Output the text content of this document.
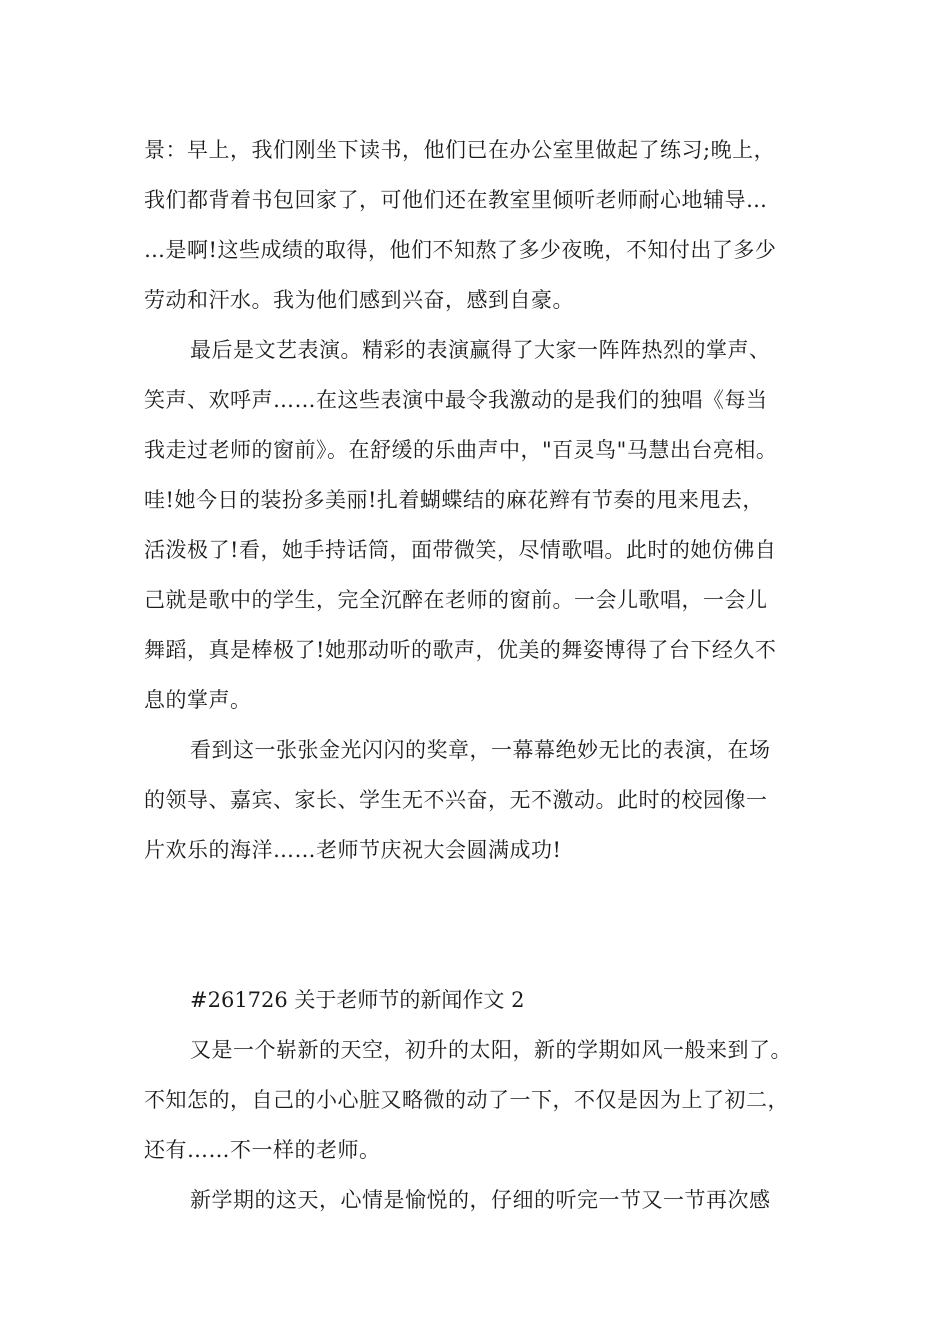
景：早上，我们刚坐下读书，他们已在办公室里做起了练习;晚上，
我们都背着书包回家了，可他们还在教室里倾听老师耐心地辅导…
…是啊!这些成绩的取得，他们不知熬了多少夜晚，不知付出了多少
劳动和汗水。我为他们感到兴奋，感到自豪。
最后是文艺表演。精彩的表演赢得了大家一阵阵热烈的掌声、
笑声、欢呼声……在这些表演中最令我激动的是我们的独唱《每当
我走过老师的窗前》。在舒缓的乐曲声中，"百灵鸟"马慧出台亮相。
哇!她今日的装扮多美丽!扎着蝴蝶结的麻花辫有节奏的甩来甩去，
活泼极了!看，她手持话筒，面带微笑，尽情歌唱。此时的她仿佛自
己就是歌中的学生，完全沉醉在老师的窗前。一会儿歌唱，一会儿
舞蹈，真是棒极了!她那动听的歌声，优美的舞姿博得了台下经久不
息的掌声。
看到这一张张金光闪闪的奖章，一幕幕绝妙无比的表演，在场
的领导、嘉宾、家长、学生无不兴奋，无不激动。此时的校园像一
片欢乐的海洋……老师节庆祝大会圆满成功!
#261726 关于老师节的新闻作文 2
又是一个崭新的天空，初升的太阳，新的学期如风一般来到了。
不知怎的，自己的小心脏又略微的动了一下，不仅是因为上了初二，
还有……不一样的老师。
新学期的这天，心情是愉悦的，仔细的听完一节又一节再次感
